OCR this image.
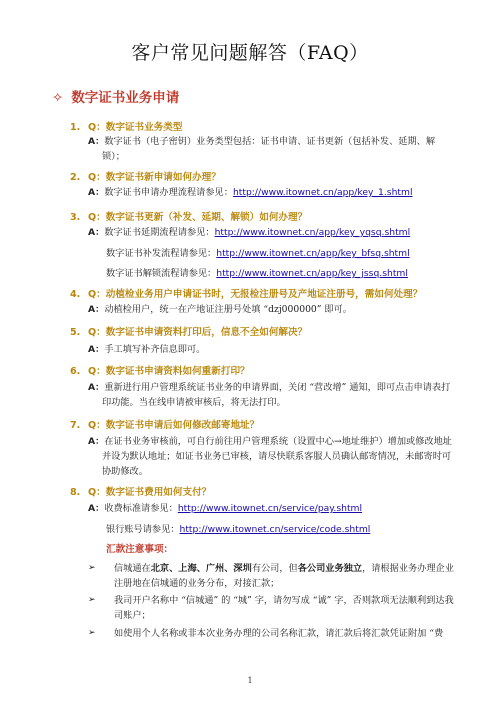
客户常见问题解答（FAQ）
✧ 数字证书业务申请
1. Q：数字证书业务类型
A：数字证书（电子密钥）业务类型包括：证书申请、证书更新（包括补发、延期、解锁）；
2. Q：数字证书新申请如何办理？
A：数字证书申请办理流程请参见：http://www.itownet.cn/app/key_1.shtml
3. Q：数字证书更新（补发、延期、解锁）如何办理？
A：数字证书延期流程请参见：http://www.itownet.cn/app/key_yqsq.shtml
数字证书补发流程请参见：http://www.itownet.cn/app/key_bfsq.shtml
数字证书解锁流程请参见：http://www.itownet.cn/app/key_jssq.shtml
4. Q：动植检业务用户申请证书时，无报检注册号及产地证注册号，需如何处理？
A：动植检用户，统一在产地证注册号处填 “dzj000000” 即可。
5. Q：数字证书申请资料打印后，信息不全如何解决？
A：手工填写补齐信息即可。
6. Q：数字证书申请资料如何重新打印？
A：重新进行用户管理系统证书业务的申请界面，关闭 “营改增” 通知，即可点击申请表打印功能。当在线申请被审核后，将无法打印。
7. Q：数字证书申请后如何修改邮寄地址？
A：在证书业务审核前，可自行前往用户管理系统（设置中心→地址维护）增加或修改地址并设为默认地址；如证书业务已审核，请尽快联系客服人员确认邮寄情况，未邮寄时可协助修改。
8. Q：数字证书费用如何支付？
A：收费标准请参见：http://www.itownet.cn/service/pay.shtml
银行账号请参见：http://www.itownet.cn/service/code.shtml
汇款注意事项：
➢ 信城通在北京、上海、广州、深圳有公司，但各公司业务独立，请根据业务办理企业注册地在信城通的业务分布，对接汇款；
➢ 我司开户名称中 “信城通” 的 “城” 字，请勿写成 “诚” 字，否则款项无法顺利到达我司账户；
➢ 如使用个人名称或非本次业务办理的公司名称汇款，请汇款后将汇款凭证附加 “费
1
